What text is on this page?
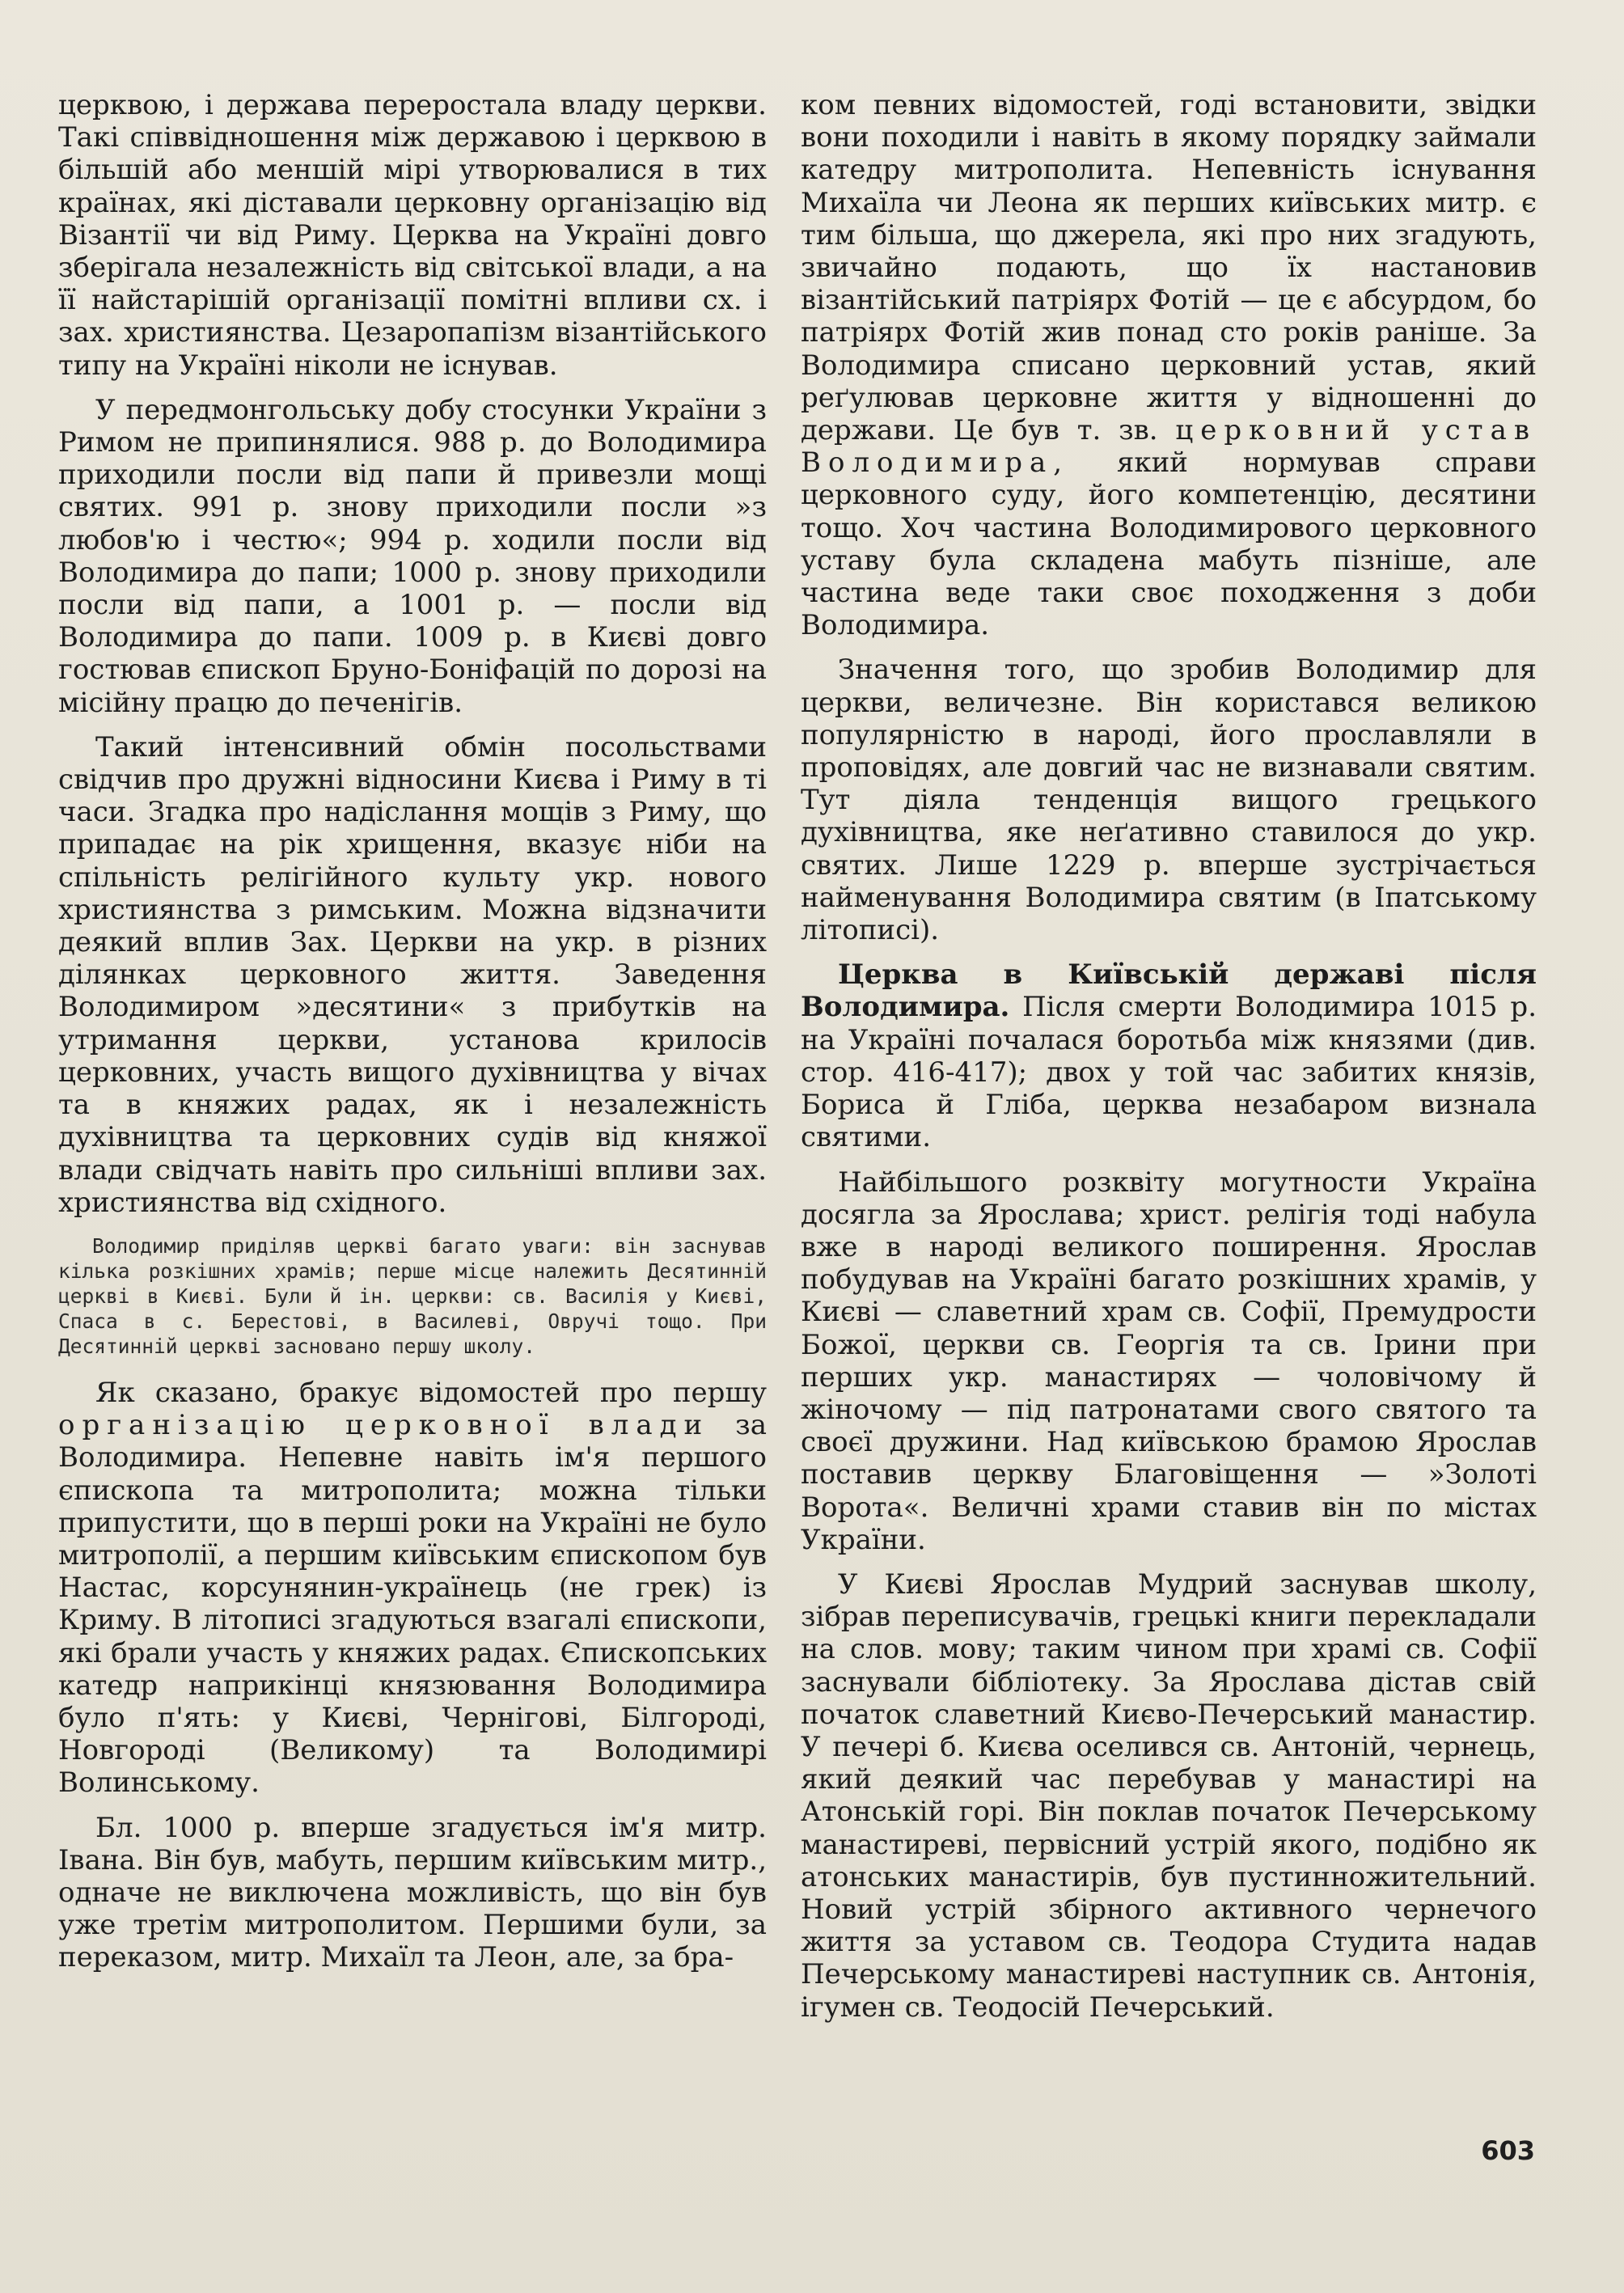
церквою, і держава переростала владу церкви. Такі співвідношення між державою і церквою в більшій або меншій мірі утворювалися в тих країнах, які діставали церковну організацію від Візантії чи від Риму. Церква на Україні довго зберігала незалежність від світської влади, а на її найстарішій організації помітні впливи сх. і зах. християнства. Цезаропапізм візантійського типу на Україні ніколи не існував.

У передмонгольську добу стосунки України з Римом не припинялися. 988 р. до Володимира приходили посли від папи й привезли мощі святих. 991 р. знову приходили посли »з любов'ю і честю«; 994 р. ходили посли від Володимира до папи; 1000 р. знову приходили посли від папи, а 1001 р. — посли від Володимира до папи. 1009 р. в Києві довго гостював єпископ Бруно-Боніфацій по дорозі на місійну працю до печенігів.

Такий інтенсивний обмін посольствами свідчив про дружні відносини Києва і Риму в ті часи. Згадка про надіслання мощів з Риму, що припадає на рік хрищення, вказує ніби на спільність релігійного культу укр. нового християнства з римським. Можна відзначити деякий вплив Зах. Церкви на укр. в різних ділянках церковного життя. Заведення Володимиром »десятини« з прибутків на утримання церкви, установа крилосів церковних, участь вищого духівництва у вічах та в княжих радах, як і незалежність духівництва та церковних судів від княжої влади свідчать навіть про сильніші впливи зах. християнства від східного.

Володимир приділяв церкві багато уваги: він заснував кілька розкішних храмів; перше місце належить Десятинній церкві в Києві. Були й ін. церкви: св. Василія у Києві, Спаса в с. Берестові, в Василеві, Овручі тощо. При Десятинній церкві засновано першу школу.

Як сказано, бракує відомостей про першу організацію церковної влади за Володимира. Непевне навіть ім'я першого єпископа та митрополита; можна тільки припустити, що в перші роки на Україні не було митрополії, а першим київським єпископом був Настас, корсунянин-українець (не грек) із Криму. В літописі згадуються взагалі єпископи, які брали участь у княжих радах. Єпископських катедр наприкінці князювання Володимира було п'ять: у Києві, Чернігові, Білгороді, Новгороді (Великому) та Володимирі Волинському.

Бл. 1000 р. вперше згадується ім'я митр. Івана. Він був, мабуть, першим київським митр., одначе не виключена можливість, що він був уже третім митрополитом. Першими були, за переказом, митр. Михаїл та Леон, але, за бра-

ком певних відомостей, годі встановити, звідки вони походили і навіть в якому порядку займали катедру митрополита. Непевність існування Михаїла чи Леона як перших київських митр. є тим більша, що джерела, які про них згадують, звичайно подають, що їх настановив візантійський патріярх Фотій — це є абсурдом, бо патріярх Фотій жив понад сто років раніше. За Володимира списано церковний устав, який реґулював церковне життя у відношенні до держави. Це був т. зв. церковний устав Володимира, який нормував справи церковного суду, його компетенцію, десятини тощо. Хоч частина Володимирового церковного уставу була складена мабуть пізніше, але частина веде таки своє походження з доби Володимира.

Значення того, що зробив Володимир для церкви, величезне. Він користався великою популярністю в народі, його прославляли в проповідях, але довгий час не визнавали святим. Тут діяла тенденція вищого грецького духівництва, яке неґативно ставилося до укр. святих. Лише 1229 р. вперше зустрічається найменування Володимира святим (в Іпатському літописі).

Церква в Київській державі після Володимира. Після смерти Володимира 1015 р. на Україні почалася боротьба між князями (див. стор. 416-417); двох у той час забитих князів, Бориса й Гліба, церква незабаром визнала святими.

Найбільшого розквіту могутности Україна досягла за Ярослава; христ. релігія тоді набула вже в народі великого поширення. Ярослав побудував на Україні багато розкішних храмів, у Києві — славетний храм св. Софії, Премудрости Божої, церкви св. Георгія та св. Ірини при перших укр. манастирях — чоловічому й жіночому — під патронатами свого святого та своєї дружини. Над київською брамою Ярослав поставив церкву Благовіщення — »Золоті Ворота«. Величні храми ставив він по містах України.

У Києві Ярослав Мудрий заснував школу, зібрав переписувачів, грецькі книги перекладали на слов. мову; таким чином при храмі св. Софії заснували бібліотеку. За Ярослава дістав свій початок славетний Києво-Печерський манастир. У печері б. Києва оселився св. Антоній, чернець, який деякий час перебував у манастирі на Атонській горі. Він поклав початок Печерському манастиреві, первісний устрій якого, подібно як атонських манастирів, був пустинножительний. Новий устрій збірного активного чернечого життя за уставом св. Теодора Студита надав Печерському манастиреві наступник св. Антонія, ігумен св. Теодосій Печерський.

603
